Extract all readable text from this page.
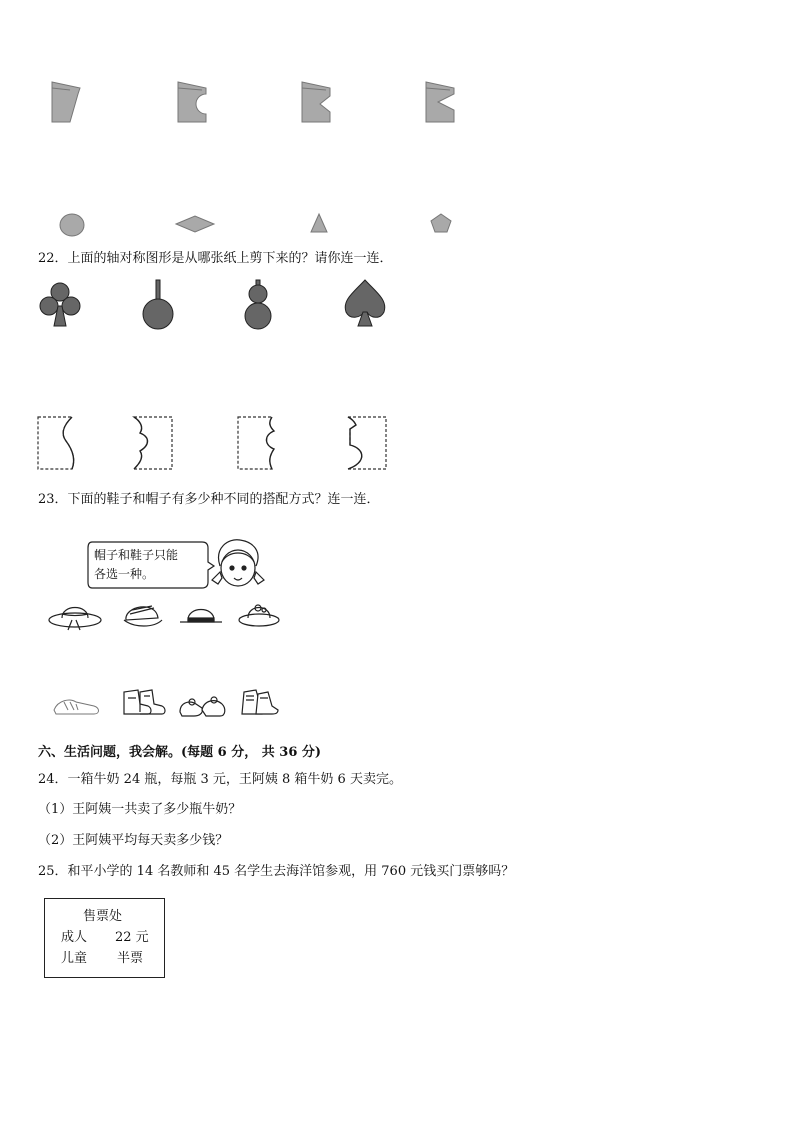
22．上面的轴对称图形是从哪张纸上剪下来的？请你连一连．
23．下面的鞋子和帽子有多少种不同的搭配方式？连一连．
帽子和鞋子只能
各选一种。
六、生活问题，我会解。(每题 6 分， 共 36 分)
24．一箱牛奶 24 瓶，每瓶 3 元，王阿姨 8 箱牛奶 6 天卖完。
（1）王阿姨一共卖了多少瓶牛奶？
（2）王阿姨平均每天卖多少钱？
25．和平小学的 14 名教师和 45 名学生去海洋馆参观，用 760 元钱买门票够吗？
售票处
成人 22 元
儿童 半票
